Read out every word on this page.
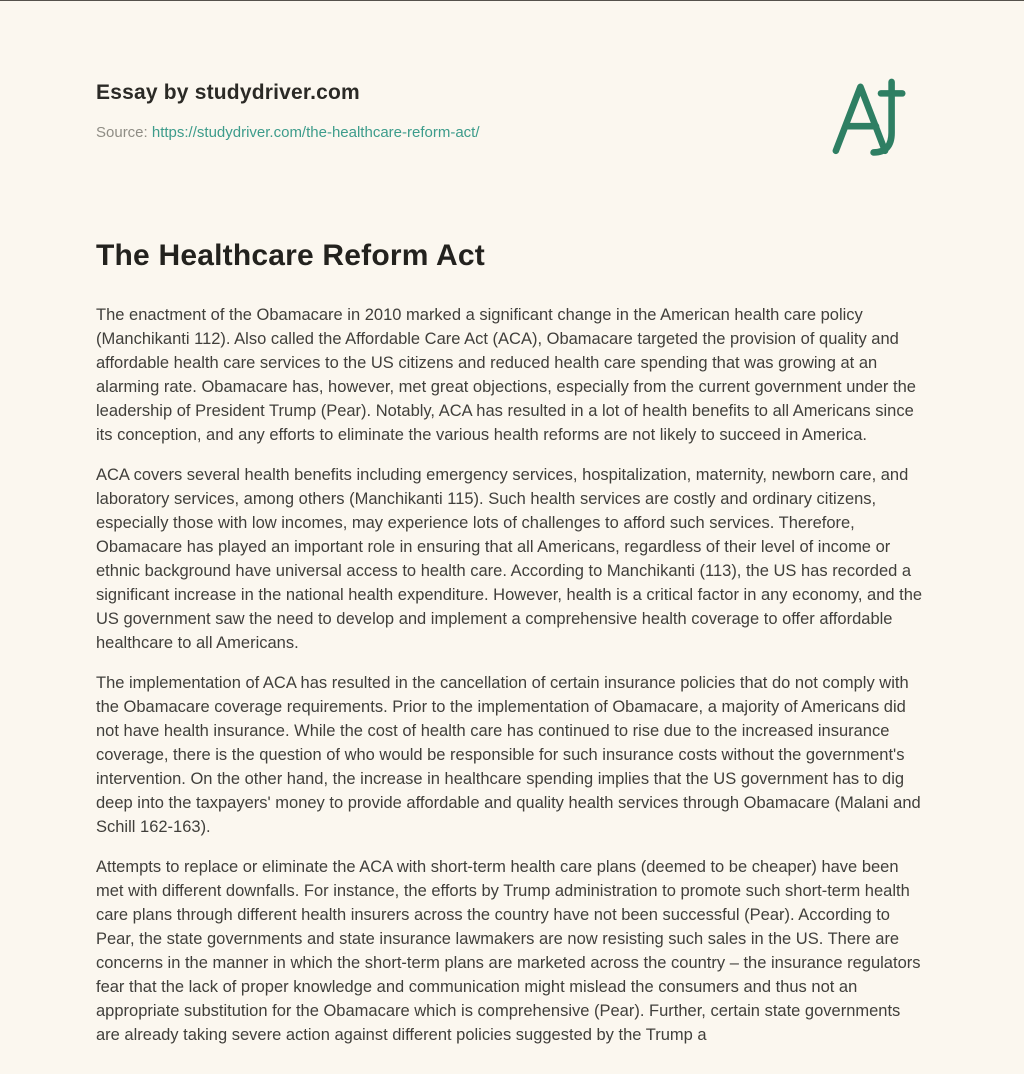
Essay by studydriver.com
Source: https://studydriver.com/the-healthcare-reform-act/
The Healthcare Reform Act

The enactment of the Obamacare in 2010 marked a significant change in the American health care policy (Manchikanti 112). Also called the Affordable Care Act (ACA), Obamacare targeted the provision of quality and affordable health care services to the US citizens and reduced health care spending that was growing at an alarming rate. Obamacare has, however, met great objections, especially from the current government under the leadership of President Trump (Pear). Notably, ACA has resulted in a lot of health benefits to all Americans since its conception, and any efforts to eliminate the various health reforms are not likely to succeed in America.

ACA covers several health benefits including emergency services, hospitalization, maternity, newborn care, and laboratory services, among others (Manchikanti 115). Such health services are costly and ordinary citizens, especially those with low incomes, may experience lots of challenges to afford such services. Therefore, Obamacare has played an important role in ensuring that all Americans, regardless of their level of income or ethnic background have universal access to health care. According to Manchikanti (113), the US has recorded a significant increase in the national health expenditure. However, health is a critical factor in any economy, and the US government saw the need to develop and implement a comprehensive health coverage to offer affordable healthcare to all Americans.

The implementation of ACA has resulted in the cancellation of certain insurance policies that do not comply with the Obamacare coverage requirements. Prior to the implementation of Obamacare, a majority of Americans did not have health insurance. While the cost of health care has continued to rise due to the increased insurance coverage, there is the question of who would be responsible for such insurance costs without the government's intervention. On the other hand, the increase in healthcare spending implies that the US government has to dig deep into the taxpayers' money to provide affordable and quality health services through Obamacare (Malani and Schill 162-163).

Attempts to replace or eliminate the ACA with short-term health care plans (deemed to be cheaper) have been met with different downfalls. For instance, the efforts by Trump administration to promote such short-term health care plans through different health insurers across the country have not been successful (Pear). According to Pear, the state governments and state insurance lawmakers are now resisting such sales in the US. There are concerns in the manner in which the short-term plans are marketed across the country – the insurance regulators fear that the lack of proper knowledge and communication might mislead the consumers and thus not an appropriate substitution for the Obamacare which is comprehensive (Pear). Further, certain state governments are already taking severe action against different policies suggested by the Trump a
